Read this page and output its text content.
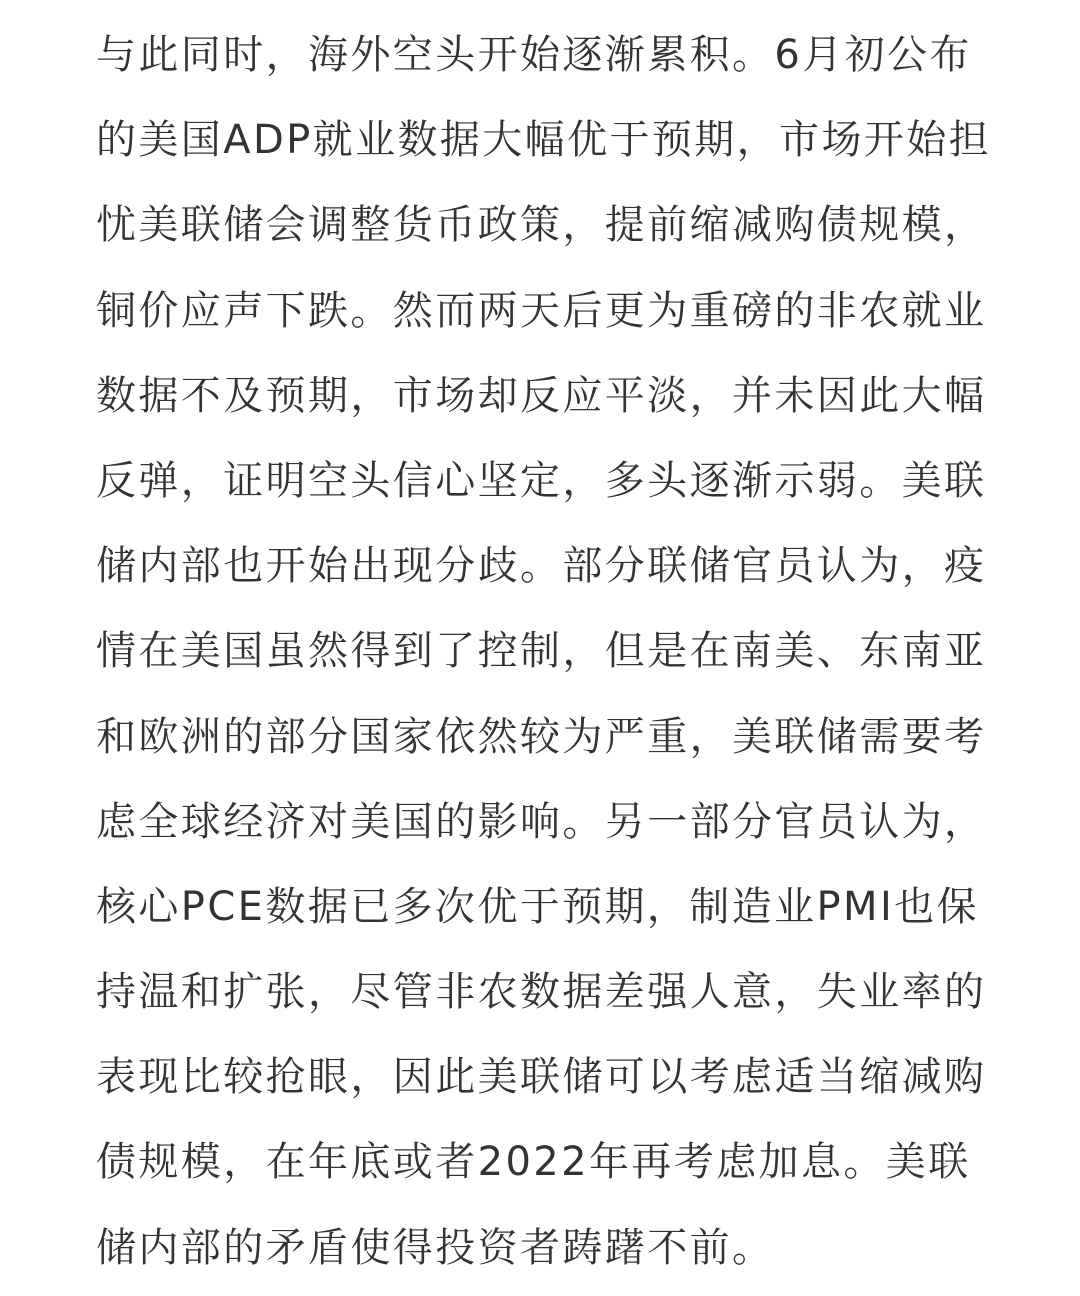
与此同时，海外空头开始逐渐累积。6月初公布
的美国ADP就业数据大幅优于预期，市场开始担
忧美联储会调整货币政策，提前缩减购债规模，
铜价应声下跌。然而两天后更为重磅的非农就业
数据不及预期，市场却反应平淡，并未因此大幅
反弹，证明空头信心坚定，多头逐渐示弱。美联
储内部也开始出现分歧。部分联储官员认为，疫
情在美国虽然得到了控制，但是在南美、东南亚
和欧洲的部分国家依然较为严重，美联储需要考
虑全球经济对美国的影响。另一部分官员认为，
核心PCE数据已多次优于预期，制造业PMI也保
持温和扩张，尽管非农数据差强人意，失业率的
表现比较抢眼，因此美联储可以考虑适当缩减购
债规模，在年底或者2022年再考虑加息。美联
储内部的矛盾使得投资者踌躇不前。
